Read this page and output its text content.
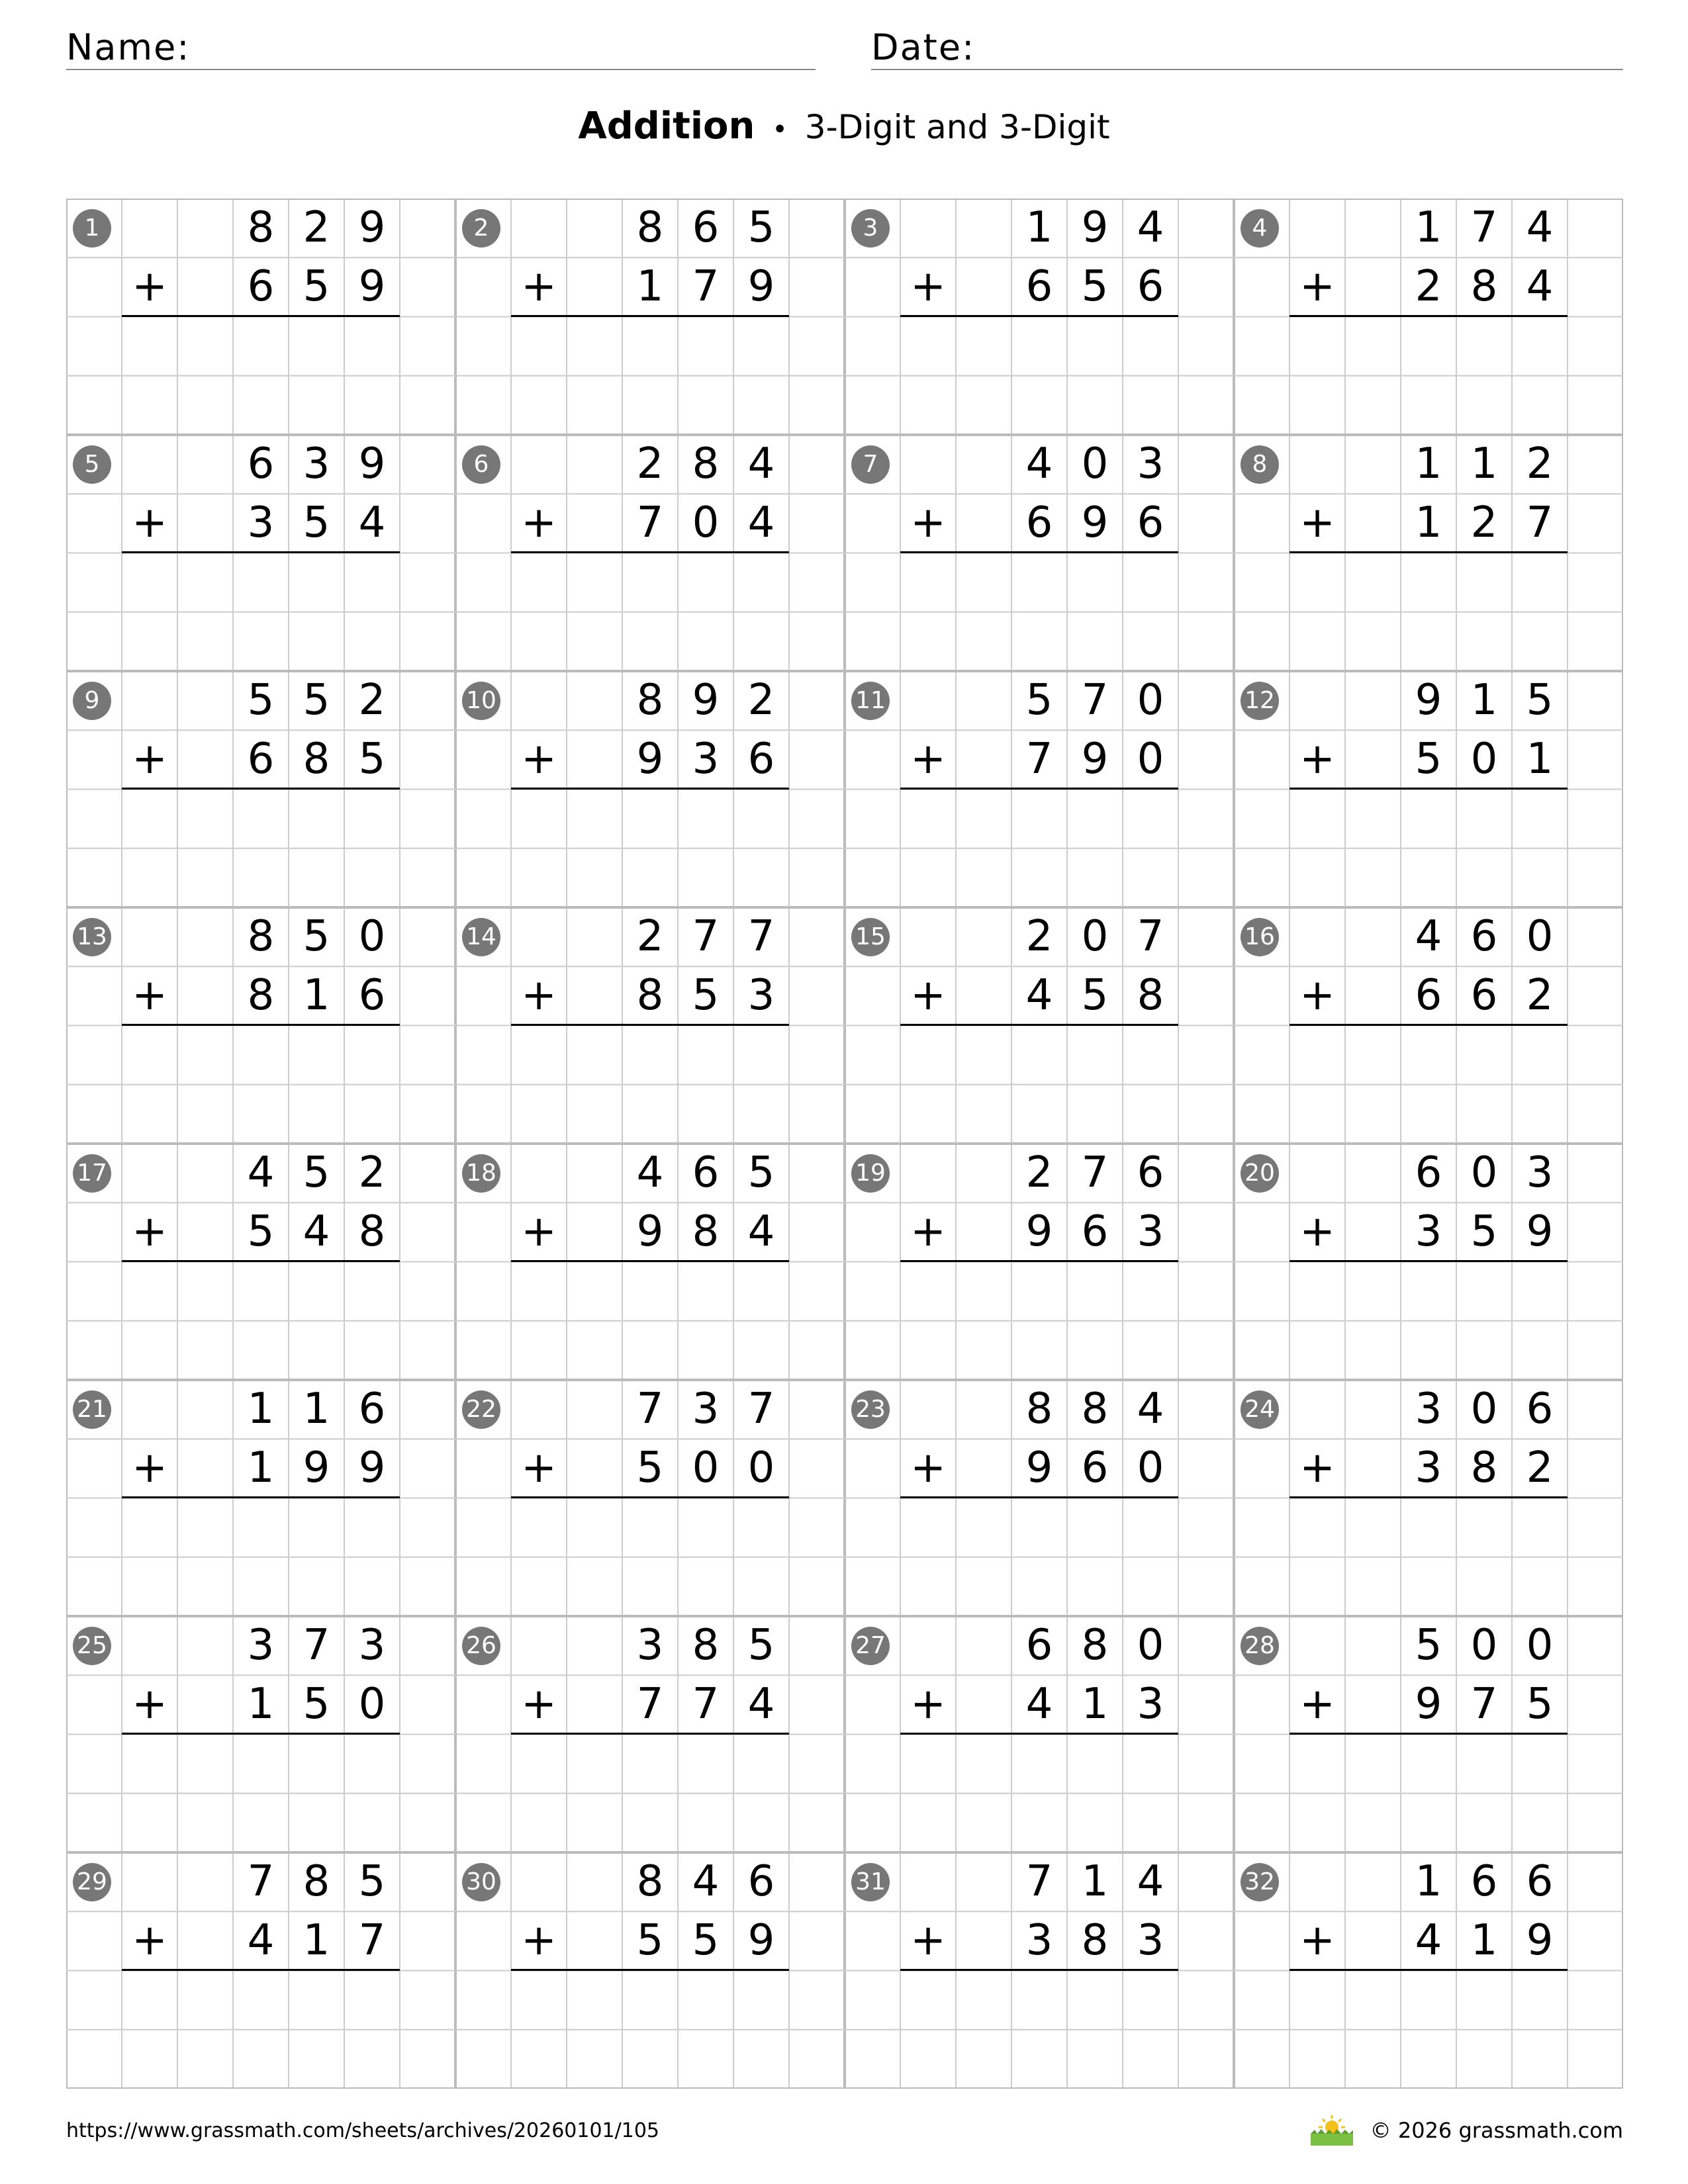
Name:	Date:
Addition • 3-Digit and 3-Digit
1	8 2 9
6 5 9
+
2	8 6 5
1 7 9
+
3	1 9 4
6 5 6
+
4	1 7 4
2 8 4
+
5	6 3 9
3 5 4
+
6	2 8 4
7 0 4
+
7	4 0 3
6 9 6
+
8	1 1 2
1 2 7
+
9	5 5 2
6 8 5
+
10	8 9 2
9 3 6
+
11	5 7 0
7 9 0
+
12	9 1 5
5 0 1
+
13	8 5 0
8 1 6
+
14	2 7 7
8 5 3
+
15	2 0 7
4 5 8
+
16	4 6 0
6 6 2
+
17	4 5 2
5 4 8
+
18	4 6 5
9 8 4
+
19	2 7 6
9 6 3
+
20	6 0 3
3 5 9
+
21	1 1 6
1 9 9
+
22	7 3 7
5 0 0
+
23	8 8 4
9 6 0
+
24	3 0 6
3 8 2
+
25	3 7 3
1 5 0
+
26	3 8 5
7 7 4
+
27	6 8 0
4 1 3
+
28	5 0 0
9 7 5
+
29	7 8 5
4 1 7
+
30	8 4 6
5 5 9
+
31	7 1 4
3 8 3
+
32	1 6 6
4 1 9
+
https://www.grassmath.com/sheets/archives/20260101/105	© 2026 grassmath.com
